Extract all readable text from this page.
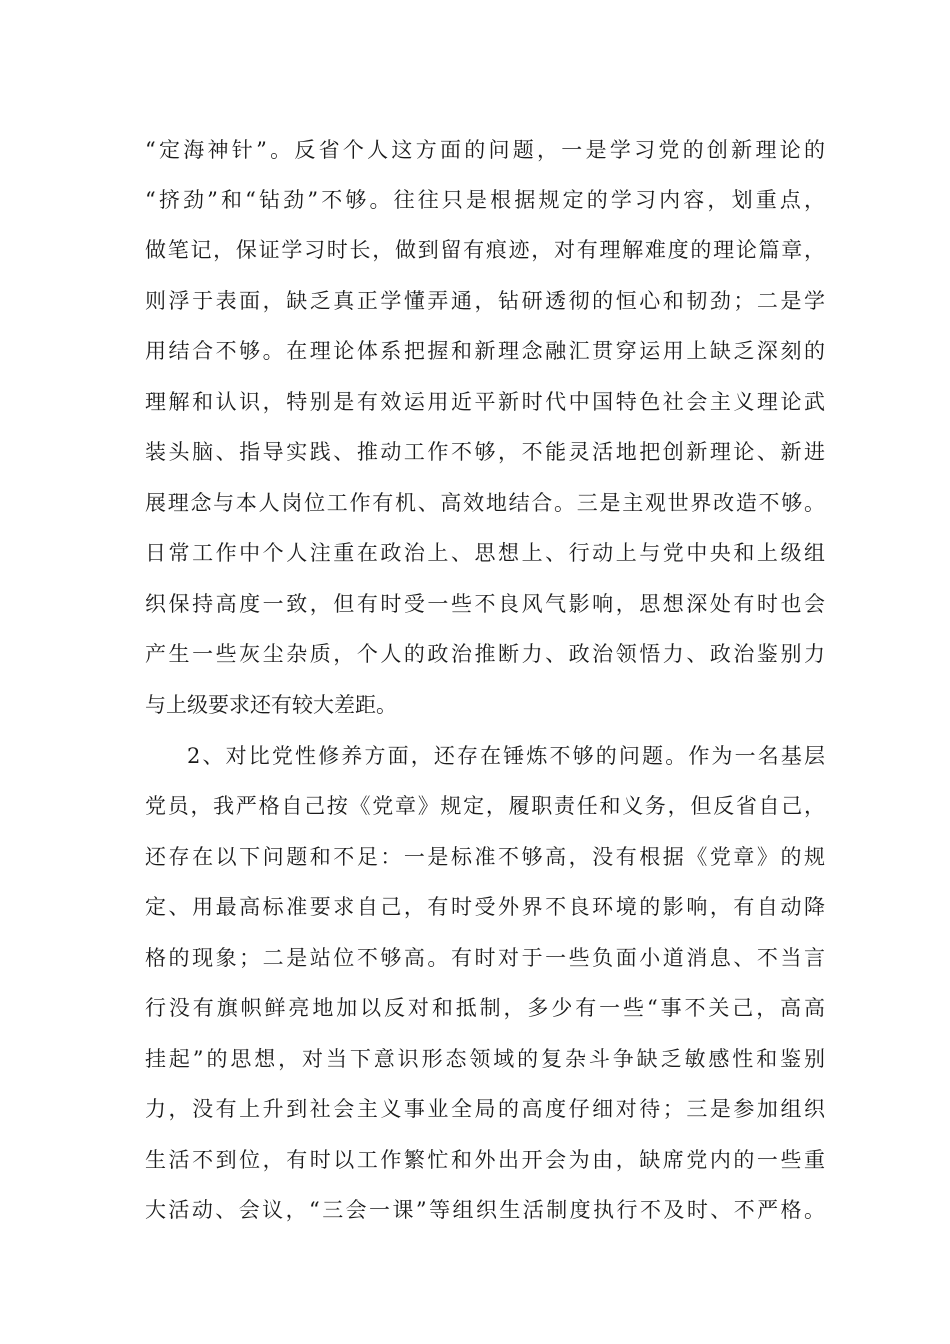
“定海神针”。反省个人这方面的问题，一是学习党的创新理论的
“挤劲”和“钻劲”不够。往往只是根据规定的学习内容，划重点，
做笔记，保证学习时长，做到留有痕迹，对有理解难度的理论篇章，
则浮于表面，缺乏真正学懂弄通，钻研透彻的恒心和韧劲；二是学
用结合不够。在理论体系把握和新理念融汇贯穿运用上缺乏深刻的
理解和认识，特别是有效运用近平新时代中国特色社会主义理论武
装头脑、指导实践、推动工作不够，不能灵活地把创新理论、新进
展理念与本人岗位工作有机、高效地结合。三是主观世界改造不够。
日常工作中个人注重在政治上、思想上、行动上与党中央和上级组
织保持高度一致，但有时受一些不良风气影响，思想深处有时也会
产生一些灰尘杂质，个人的政治推断力、政治领悟力、政治鉴别力
与上级要求还有较大差距。
2、对比党性修养方面，还存在锤炼不够的问题。作为一名基层
党员，我严格自己按《党章》规定，履职责任和义务，但反省自己，
还存在以下问题和不足：一是标准不够高，没有根据《党章》的规
定、用最高标准要求自己，有时受外界不良环境的影响，有自动降
格的现象；二是站位不够高。有时对于一些负面小道消息、不当言
行没有旗帜鲜亮地加以反对和抵制，多少有一些“事不关己，高高
挂起”的思想，对当下意识形态领域的复杂斗争缺乏敏感性和鉴别
力，没有上升到社会主义事业全局的高度仔细对待；三是参加组织
生活不到位，有时以工作繁忙和外出开会为由，缺席党内的一些重
大活动、会议，“三会一课”等组织生活制度执行不及时、不严格。
